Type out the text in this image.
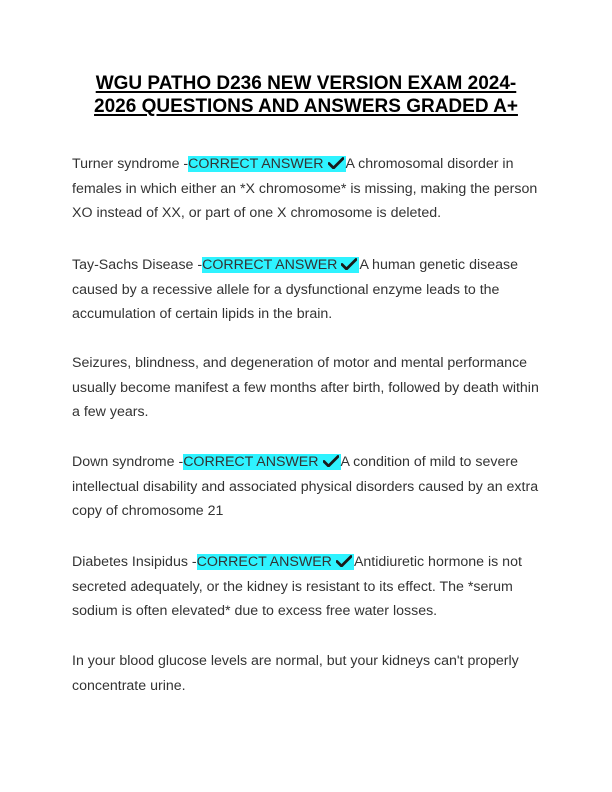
WGU PATHO D236 NEW VERSION EXAM 2024-
2026 QUESTIONS AND ANSWERS GRADED A+

Turner syndrome -CORRECT ANSWER A chromosomal disorder in
females in which either an *X chromosome* is missing, making the person
XO instead of XX, or part of one X chromosome is deleted.

Tay-Sachs Disease -CORRECT ANSWER A human genetic disease
caused by a recessive allele for a dysfunctional enzyme leads to the
accumulation of certain lipids in the brain.

Seizures, blindness, and degeneration of motor and mental performance
usually become manifest a few months after birth, followed by death within
a few years.

Down syndrome -CORRECT ANSWER A condition of mild to severe
intellectual disability and associated physical disorders caused by an extra
copy of chromosome 21

Diabetes Insipidus -CORRECT ANSWER Antidiuretic hormone is not
secreted adequately, or the kidney is resistant to its effect. The *serum
sodium is often elevated* due to excess free water losses.

In your blood glucose levels are normal, but your kidneys can't properly
concentrate urine.
